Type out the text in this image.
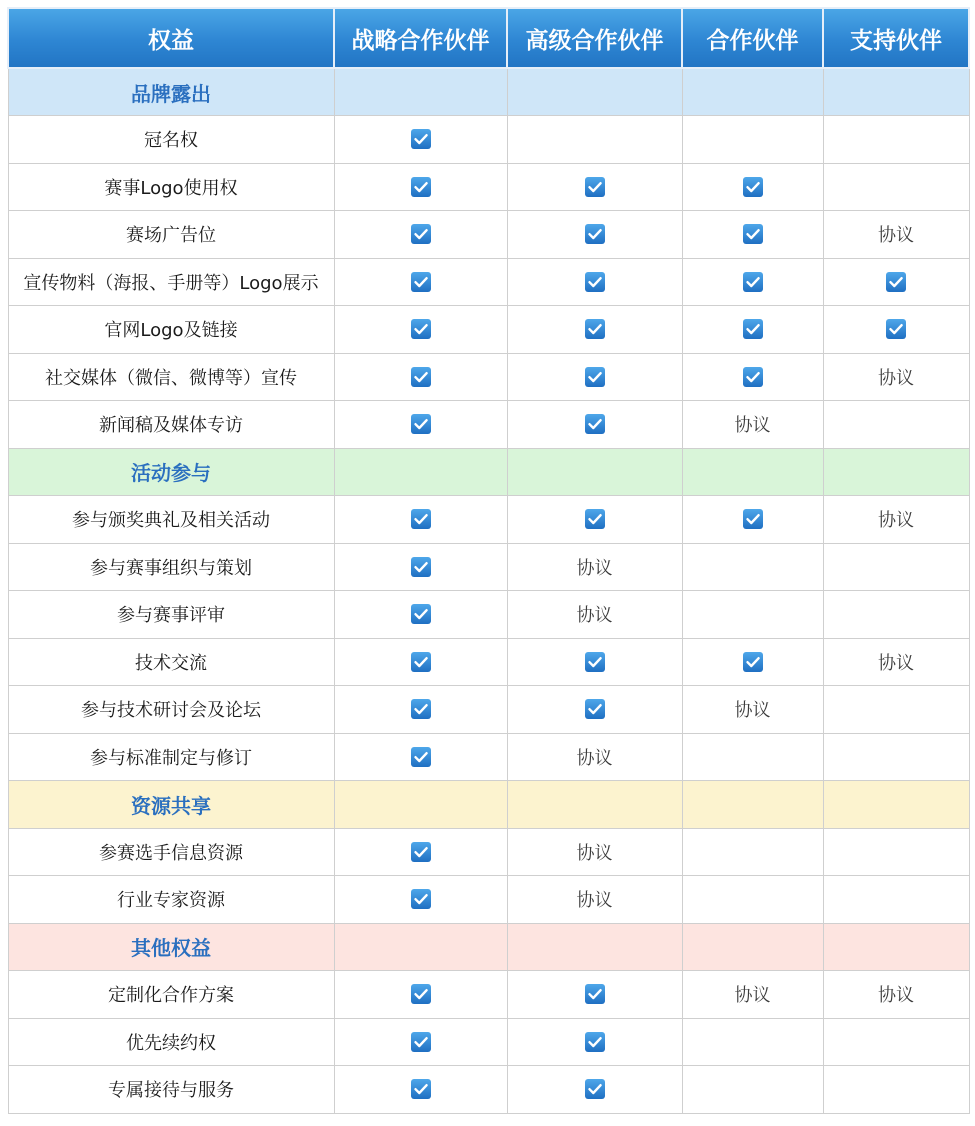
权益	战略合作伙伴	高级合作伙伴	合作伙伴	支持伙伴
品牌露出				
冠名权				
赛事Logo使用权				
赛场广告位				协议
宣传物料（海报、手册等）Logo展示				
官网Logo及链接				
社交媒体（微信、微博等）宣传				协议
新闻稿及媒体专访			协议	
活动参与				
参与颁奖典礼及相关活动				协议
参与赛事组织与策划		协议		
参与赛事评审		协议		
技术交流				协议
参与技术研讨会及论坛			协议	
参与标准制定与修订		协议		
资源共享				
参赛选手信息资源		协议		
行业专家资源		协议		
其他权益				
定制化合作方案			协议	协议
优先续约权				
专属接待与服务				
